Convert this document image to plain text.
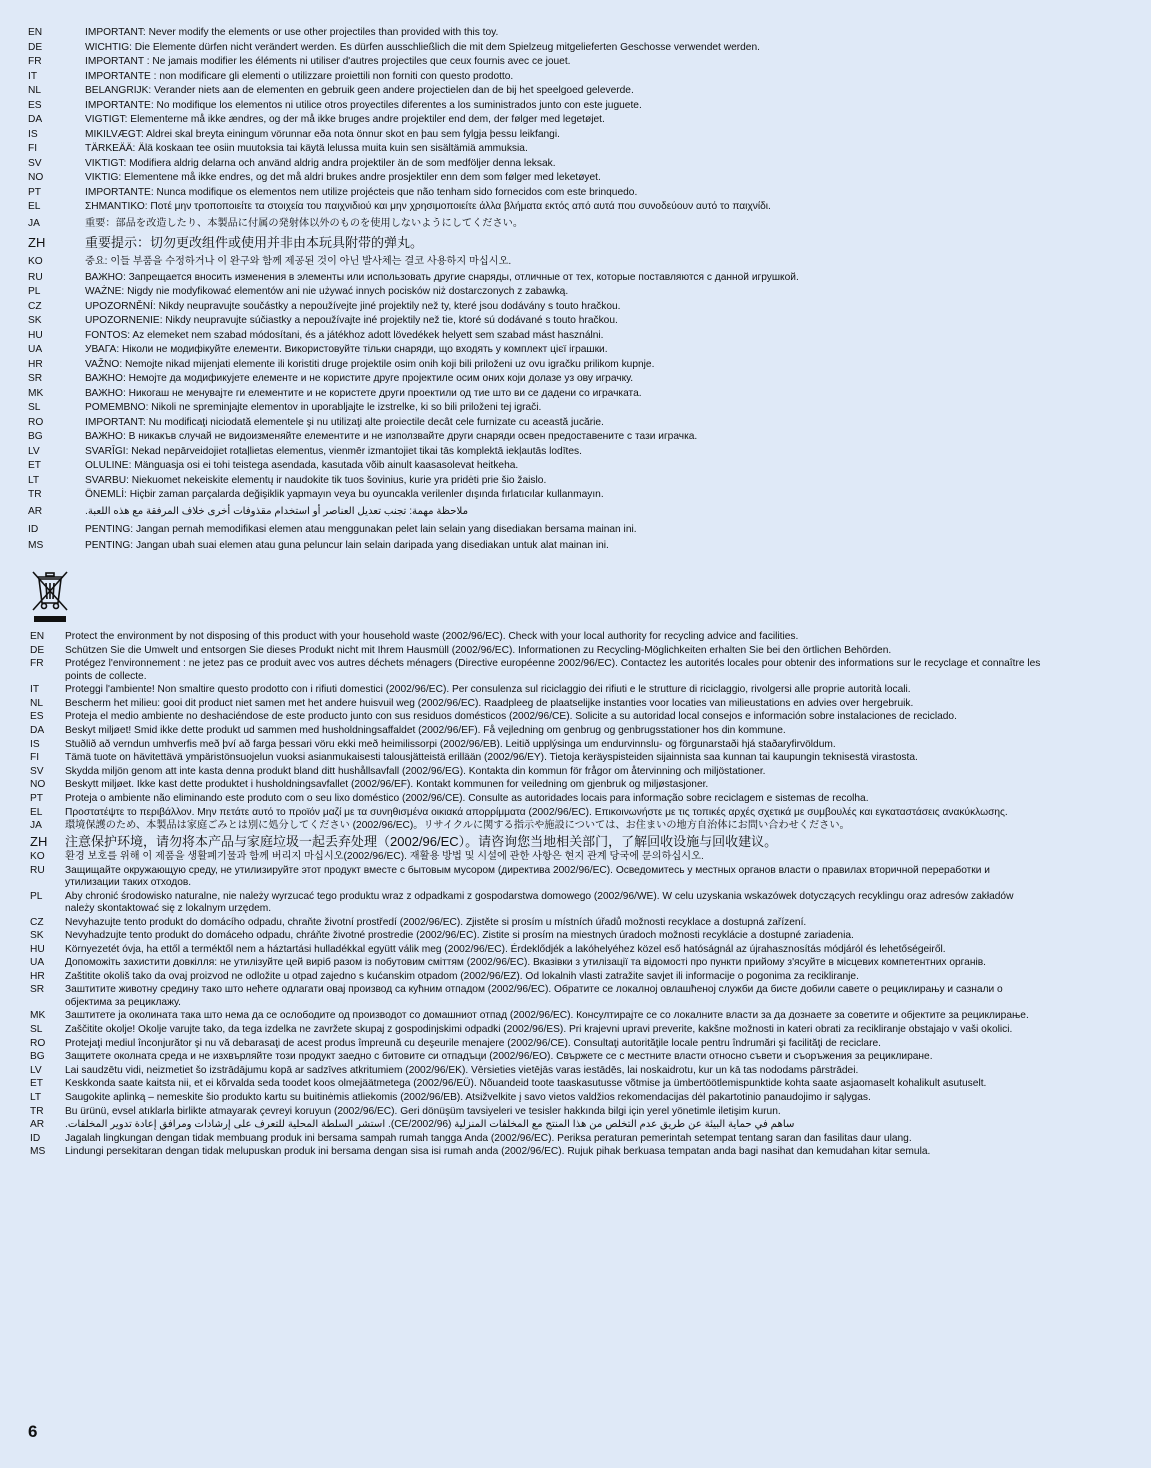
EN	IMPORTANT: Never modify the elements or use other projectiles than provided with this toy.
DE	WICHTIG: Die Elemente dürfen nicht verändert werden. Es dürfen ausschließlich die mit dem Spielzeug mitgelieferten Geschosse verwendet werden.
FR	IMPORTANT : Ne jamais modifier les éléments ni utiliser d'autres projectiles que ceux fournis avec ce jouet.
IT	IMPORTANTE : non modificare gli elementi o utilizzare proiettili non forniti con questo prodotto.
NL	BELANGRIJK: Verander niets aan de elementen en gebruik geen andere projectielen dan de bij het speelgoed geleverde.
ES	IMPORTANTE: No modifique los elementos ni utilice otros proyectiles diferentes a los suministrados junto con este juguete.
DA	VIGTIGT: Elementerne må ikke ændres, og der må ikke bruges andre projektiler end dem, der følger med legetøjet.
IS	MIKILVÆGT: Aldrei skal breyta einingum vörunnar eða nota önnur skot en þau sem fylgja þessu leikfangi.
FI	TÄRKEÄÄ: Älä koskaan tee osiin muutoksia tai käytä lelussa muita kuin sen sisältämiä ammuksia.
SV	VIKTIGT: Modifiera aldrig delarna och använd aldrig andra projektiler än de som medföljer denna leksak.
NO	VIKTIG: Elementene må ikke endres, og det må aldri brukes andre prosjektiler enn dem som følger med leketøyet.
PT	IMPORTANTE: Nunca modifique os elementos nem utilize projécteis que não tenham sido fornecidos com este brinquedo.
EL	ΣΗΜΑΝΤΙΚΟ: Ποτέ μην τροποποιείτε τα στοιχεία του παιχνιδιού και μην χρησιμοποιείτε άλλα βλήματα εκτός από αυτά που συνοδεύουν αυτό το παιχνίδι.
JA	重要：部品を改造したり、本製品に付属の発射体以外のものを使用しないようにしてください。
ZH	重要提示：切勿更改组件或使用并非由本玩具附带的弹丸。
KO	중요: 이들 부품을 수정하거나 이 완구와 함께 제공된 것이 아닌 발사체는 결코 사용하지 마십시오.
RU	ВАЖНО: Запрещается вносить изменения в элементы или использовать другие снаряды, отличные от тех, которые поставляются с данной игрушкой.
PL	WAŻNE: Nigdy nie modyfikować elementów ani nie używać innych pocisków niż dostarczonych z zabawką.
CZ	UPOZORNĚNÍ: Nikdy neupravujte součástky a nepoužívejte jiné projektily než ty, které jsou dodávány s touto hračkou.
SK	UPOZORNENIE: Nikdy neupravujte súčiastky a nepoužívajte iné projektily než tie, ktoré sú dodávané s touto hračkou.
HU	FONTOS: Az elemeket nem szabad módosítani, és a játékhoz adott lövedékek helyett sem szabad mást használni.
UA	УВАГА: Ніколи не модифікуйте елементи. Використовуйте тільки снаряди, що входять у комплект цієї іграшки.
HR	VAŽNO: Nemojte nikad mijenjati elemente ili koristiti druge projektile osim onih koji bili priloženi uz ovu igračku prilikom kupnje.
SR	ВАЖНО: Немојте да модификујете елементе и не користите друге пројектиле осим оних који долазе уз ову играчку.
MK	ВАЖНО: Никогаш не менувајте ги елементите и не користете други проектили од тие што ви се дадени со играчката.
SL	POMEMBNO: Nikoli ne spreminjajte elementov in uporabljajte le izstrelke, ki so bili priloženi tej igrači.
RO	IMPORTANT: Nu modificaţi niciodată elementele şi nu utilizaţi alte proiectile decât cele furnizate cu această jucărie.
BG	ВАЖНО: В никакъв случай не видоизменяйте елементите и не използвайте други снаряди освен предоставените с тази играчка.
LV	SVARĪGI: Nekad nepārveidojiet rotaļlietas elementus, vienmēr izmantojiet tikai tās komplektā iekļautās lodītes.
ET	OLULINE: Mänguasja osi ei tohi teistega asendada, kasutada võib ainult kaasasolevat heitkeha.
LT	SVARBU: Niekuomet nekeiskite elementų ir naudokite tik tuos šovinius, kurie yra pridėti prie šio žaislo.
TR	ÖNEMLİ: Hiçbir zaman parçalarda değişiklik yapmayın veya bu oyuncakla verilenler dışında fırlatıcılar kullanmayın.
AR	ملاحظة مهمة: تجنب تعديل العناصر أو استخدام مقذوفات أخرى خلاف المرفقة مع هذه اللعبة.
ID	PENTING: Jangan pernah memodifikasi elemen atau menggunakan pelet lain selain yang disediakan bersama mainan ini.
MS	PENTING: Jangan ubah suai elemen atau guna peluncur lain selain daripada yang disediakan untuk alat mainan ini.
EN	Protect the environment by not disposing of this product with your household waste (2002/96/EC). Check with your local authority for recycling advice and facilities.
DE	Schützen Sie die Umwelt und entsorgen Sie dieses Produkt nicht mit Ihrem Hausmüll (2002/96/EC). Informationen zu Recycling-Möglichkeiten erhalten Sie bei den örtlichen Behörden.
FR	Protégez l'environnement : ne jetez pas ce produit avec vos autres déchets ménagers (Directive européenne 2002/96/EC). Contactez les autorités locales pour obtenir des informations sur le recyclage et connaître les points de collecte.
IT	Proteggi l'ambiente! Non smaltire questo prodotto con i rifiuti domestici (2002/96/EC). Per consulenza sul riciclaggio dei rifiuti e le strutture di riciclaggio, rivolgersi alle proprie autorità locali.
NL	Bescherm het milieu: gooi dit product niet samen met het andere huisvuil weg (2002/96/EC). Raadpleeg de plaatselijke instanties voor locaties van milieustations en advies over hergebruik.
ES	Proteja el medio ambiente no deshaciéndose de este producto junto con sus residuos domésticos (2002/96/CE). Solicite a su autoridad local consejos e información sobre instalaciones de reciclado.
DA	Beskyt miljøet! Smid ikke dette produkt ud sammen med husholdningsaffaldet (2002/96/EF). Få vejledning om genbrug og genbrugsstationer hos din kommune.
IS	Stuðlið að verndun umhverfis með því að farga þessari vöru ekki með heimilissorpi (2002/96/EB). Leitið upplýsinga um endurvinnslu- og förgunarstaði hjá staðaryfirvöldum.
FI	Tämä tuote on hävitettävä ympäristönsuojelun vuoksi asianmukaisesti talousjätteistä erillään (2002/96/EY). Tietoja keräyspisteiden sijainnista saa kunnan tai kaupungin teknisestä virastosta.
SV	Skydda miljön genom att inte kasta denna produkt bland ditt hushållsavfall (2002/96/EG). Kontakta din kommun för frågor om återvinning och miljöstationer.
NO	Beskytt miljøet. Ikke kast dette produktet i husholdningsavfallet (2002/96/EF). Kontakt kommunen for veiledning om gjenbruk og miljøstasjoner.
PT	Proteja o ambiente não eliminando este produto com o seu lixo doméstico (2002/96/CE). Consulte as autoridades locais para informação sobre reciclagem e sistemas de recolha.
EL	Προστατέψτε το περιβάλλον. Μην πετάτε αυτό το προϊόν μαζί με τα συνηθισμένα οικιακά απορρίμματα (2002/96/EC). Επικοινωνήστε με τις τοπικές αρχές σχετικά με συμβουλές και εγκαταστάσεις ανακύκλωσης.
JA	環境保護のため、本製品は家庭ごみとは別に処分してください (2002/96/EC)。リサイクルに関する指示や施設については、お住まいの地方自治体にお問い合わせください。
ZH	注意保护环境，请勿将本产品与家庭垃圾一起丢弃处理（2002/96/EC）。请咨询您当地相关部门，了解回收设施与回收建议。
KO	환경 보호를 위해 이 제품을 생활폐기물과 함께 버리지 마십시오(2002/96/EC). 재활용 방법 및 시설에 관한 사항은 현지 관계 당국에 문의하십시오.
RU	Защищайте окружающую среду, не утилизируйте этот продукт вместе с бытовым мусором (директива 2002/96/EC). Осведомитесь у местных органов власти о правилах вторичной переработки и утилизации таких отходов.
PL	Aby chronić środowisko naturalne, nie należy wyrzucać tego produktu wraz z odpadkami z gospodarstwa domowego (2002/96/WE). W celu uzyskania wskazówek dotyczących recyklingu oraz adresów zakładów należy skontaktować się z lokalnym urzędem.
CZ	Nevyhazujte tento produkt do domácího odpadu, chraňte životní prostředí (2002/96/EC). Zjistěte si prosím u místních úřadů možnosti recyklace a dostupná zařízení.
SK	Nevyhadzujte tento produkt do domáceho odpadu, chráňte životné prostredie (2002/96/EC). Zistite si prosím na miestnych úradoch možnosti recyklácie a dostupné zariadenia.
HU	Környezetét óvja, ha ettől a terméktől nem a háztartási hulladékkal együtt válik meg (2002/96/EC). Érdeklődjék a lakóhelyéhez közel eső hatóságnál az újrahasznosítás módjáról és lehetőségeiről.
UA	Допоможіть захистити довкілля: не утилізуйте цей виріб разом із побутовим сміттям (2002/96/EC). Вказівки з утилізації та відомості про пункти прийому з'ясуйте в місцевих компетентних органів.
HR	Zaštitite okoliš tako da ovaj proizvod ne odložite u otpad zajedno s kućanskim otpadom (2002/96/EZ). Od lokalnih vlasti zatražite savjet ili informacije o pogonima za recikliranje.
SR	Заштитите животну средину тако што нећете одлагати овај производ са кућним отпадом (2002/96/EC). Обратите се локалној овлашћеној служби да бисте добили савете о рециклирању и сазнали о објектима за рециклажу.
MK	Заштитете ја околината така што нема да се ослободите од производот со домашниот отпад (2002/96/EC). Консултирајте се со локалните власти за да дознаете за советите и објектите за рециклирање.
SL	Zaščitite okolje! Okolje varujte tako, da tega izdelka ne zavržete skupaj z gospodinjskimi odpadki (2002/96/ES). Pri krajevni upravi preverite, kakšne možnosti in kateri obrati za recikliranje obstajajo v vaši okolici.
RO	Protejaţi mediul înconjurător şi nu vă debarasaţi de acest produs împreună cu deşeurile menajere (2002/96/CE). Consultaţi autorităţile locale pentru îndrumări şi facilităţi de reciclare.
BG	Защитете околната среда и не изхвърляйте този продукт заедно с битовите си отпадъци (2002/96/EO). Свържете се с местните власти относно съвети и съоръжения за рециклиране.
LV	Lai saudzētu vidi, neizmetiet šo izstrādājumu kopā ar sadzīves atkritumiem (2002/96/EK). Vērsieties vietējās varas iestādēs, lai noskaidrotu, kur un kā tas nododams pārstrādei.
ET	Keskkonda saate kaitsta nii, et ei kõrvalda seda toodet koos olmejäätmetega (2002/96/EÜ). Nõuandeid toote taaskasutusse võtmise ja ümbertöötlemispunktide kohta saate asjaomaselt kohalikult asutuselt.
LT	Saugokite aplinką – nemeskite šio produkto kartu su buitinėmis atliekomis (2002/96/EB). Atsižvelkite į savo vietos valdžios rekomendacijas dėl pakartotinio panaudojimo ir sąlygas.
TR	Bu ürünü, evsel atıklarla birlikte atmayarak çevreyi koruyun (2002/96/EC). Geri dönüşüm tavsiyeleri ve tesisler hakkında bilgi için yerel yönetimle iletişim kurun.
AR	ساهم في حماية البيئة عن طريق عدم التخلص من هذا المنتج مع المخلفات المنزلية (CE/2002/96). استشر السلطة المحلية للتعرف على إرشادات ومرافق إعادة تدوير المخلفات.
ID	Jagalah lingkungan dengan tidak membuang produk ini bersama sampah rumah tangga Anda (2002/96/EC). Periksa peraturan pemerintah setempat tentang saran dan fasilitas daur ulang.
MS	Lindungi persekitaran dengan tidak melupuskan produk ini bersama dengan sisa isi rumah anda (2002/96/EC). Rujuk pihak berkuasa tempatan anda bagi nasihat dan kemudahan kitar semula.
6
